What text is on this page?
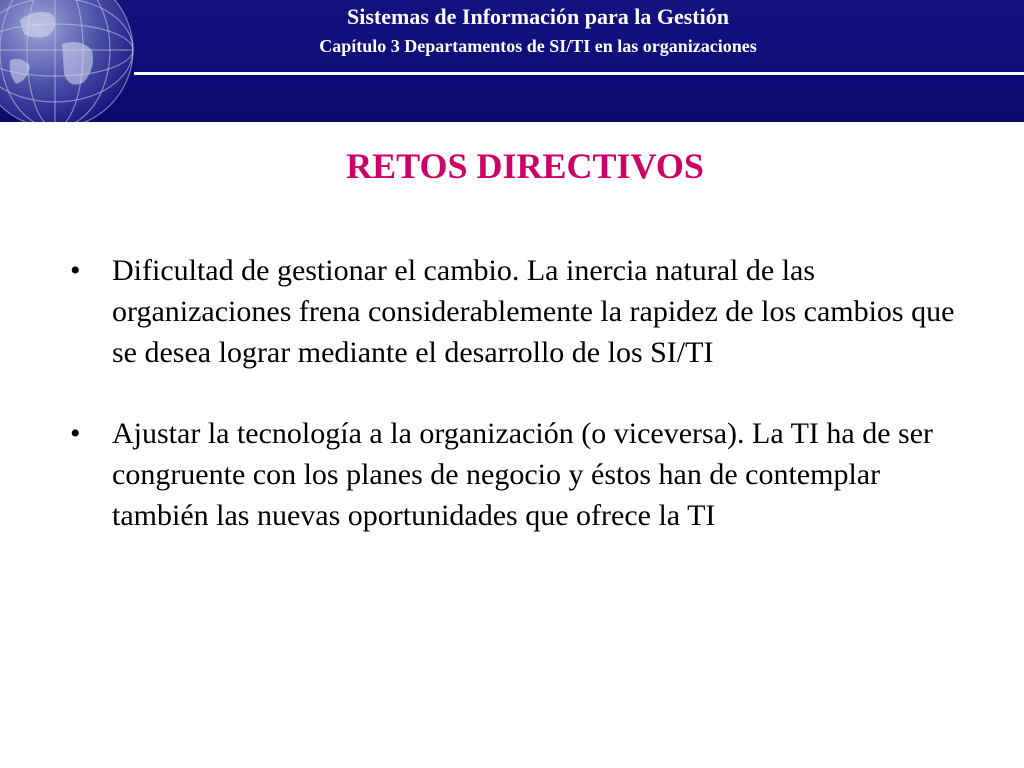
Sistemas de Información para la Gestión
Capítulo 3 Departamentos de SI/TI en las organizaciones
RETOS DIRECTIVOS
•	Dificultad de gestionar el cambio. La inercia natural de las organizaciones frena considerablemente la rapidez de los cambios que se desea lograr mediante el desarrollo de los SI/TI
•	Ajustar la tecnología a la organización (o viceversa). La TI ha de ser congruente con los planes de negocio y éstos han de contemplar también las nuevas oportunidades que ofrece la TI
